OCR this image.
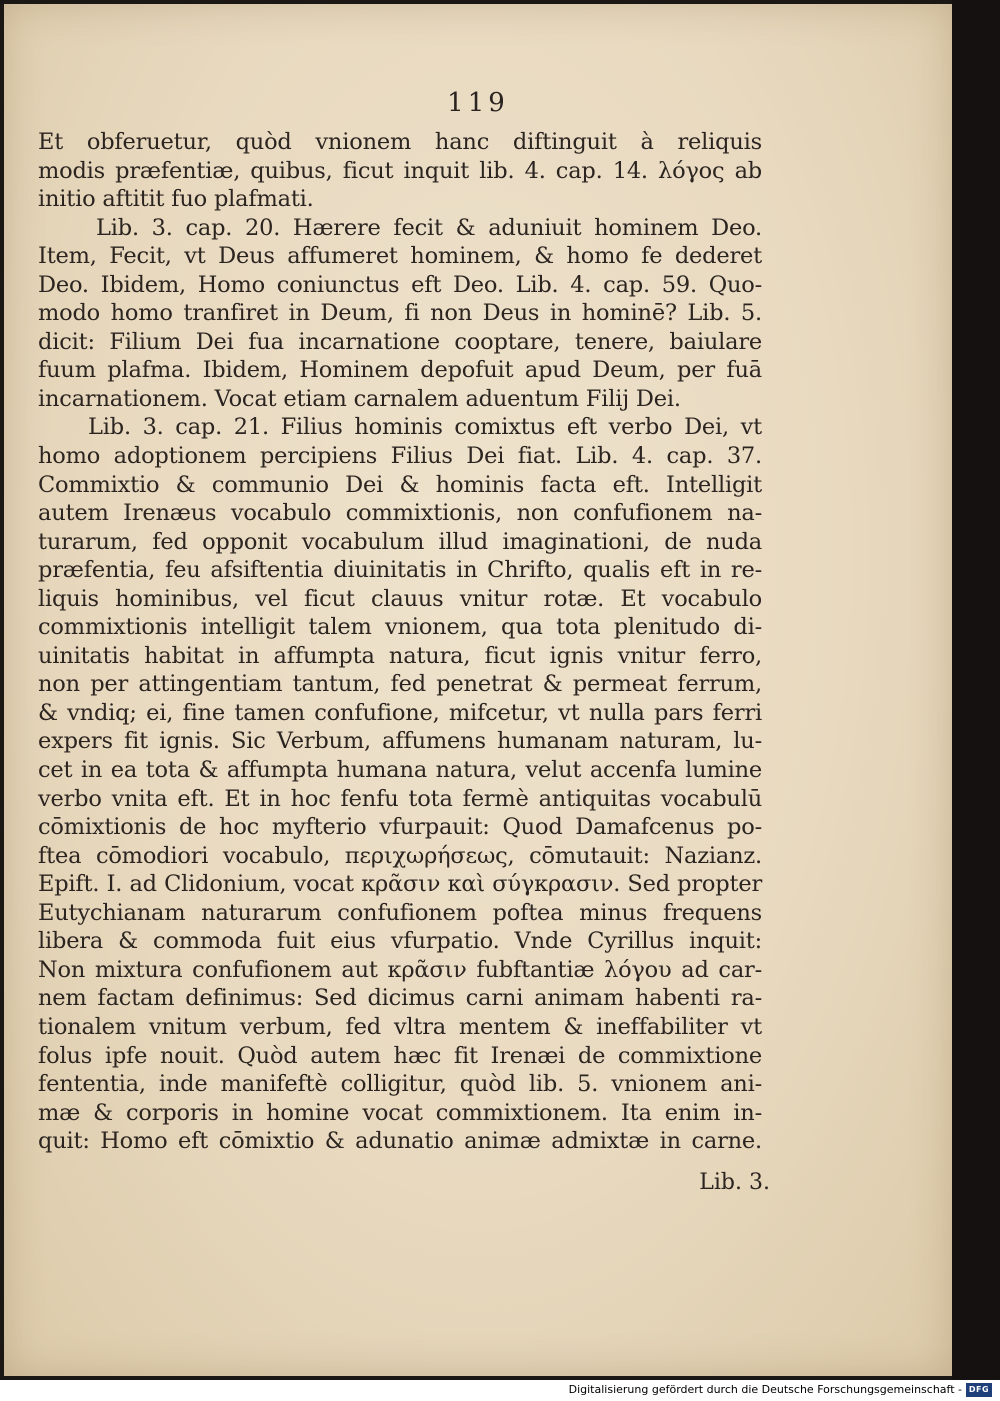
119
Et obferuetur, quòd vnionem hanc diftinguit à reliquis
modis præfentiæ, quibus, ficut inquit lib. 4. cap. 14. λόγος ab
initio aftitit fuo plafmati.
Lib. 3. cap. 20. Hærere fecit & aduniuit hominem Deo.
Item, Fecit, vt Deus affumeret hominem, & homo fe dederet
Deo. Ibidem, Homo coniunctus eft Deo. Lib. 4. cap. 59. Quo-
modo homo tranfiret in Deum, fi non Deus in hominē? Lib. 5.
dicit: Filium Dei fua incarnatione cooptare, tenere, baiulare
fuum plafma. Ibidem, Hominem depofuit apud Deum, per fuā
incarnationem. Vocat etiam carnalem aduentum Filij Dei.
Lib. 3. cap. 21. Filius hominis comixtus eft verbo Dei, vt
homo adoptionem percipiens Filius Dei fiat. Lib. 4. cap. 37.
Commixtio & communio Dei & hominis facta eft. Intelligit
autem Irenæus vocabulo commixtionis, non confufionem na-
turarum, fed opponit vocabulum illud imaginationi, de nuda
præfentia, feu afsiftentia diuinitatis in Chrifto, qualis eft in re-
liquis hominibus, vel ficut clauus vnitur rotæ. Et vocabulo
commixtionis intelligit talem vnionem, qua tota plenitudo di-
uinitatis habitat in affumpta natura, ficut ignis vnitur ferro,
non per attingentiam tantum, fed penetrat & permeat ferrum,
& vndiq; ei, fine tamen confufione, mifcetur, vt nulla pars ferri
expers fit ignis. Sic Verbum, affumens humanam naturam, lu-
cet in ea tota & affumpta humana natura, velut accenfa lumine
verbo vnita eft. Et in hoc fenfu tota fermè antiquitas vocabulū
cōmixtionis de hoc myfterio vfurpauit: Quod Damafcenus po-
ftea cōmodiori vocabulo, περιχωρήσεως, cōmutauit: Nazianz.
Epift. I. ad Clidonium, vocat κρᾶσιν καὶ σύγκρασιν. Sed propter
Eutychianam naturarum confufionem poftea minus frequens
libera & commoda fuit eius vfurpatio. Vnde Cyrillus inquit:
Non mixtura confufionem aut κρᾶσιν fubftantiæ λόγου ad car-
nem factam definimus: Sed dicimus carni animam habenti ra-
tionalem vnitum verbum, fed vltra mentem & ineffabiliter vt
folus ipfe nouit. Quòd autem hæc fit Irenæi de commixtione
fententia, inde manifeftè colligitur, quòd lib. 5. vnionem ani-
mæ & corporis in homine vocat commixtionem. Ita enim in-
quit: Homo eft cōmixtio & adunatio animæ admixtæ in carne.
Lib. 3.
Digitalisierung gefördert durch die Deutsche Forschungsgemeinschaft - DFG
